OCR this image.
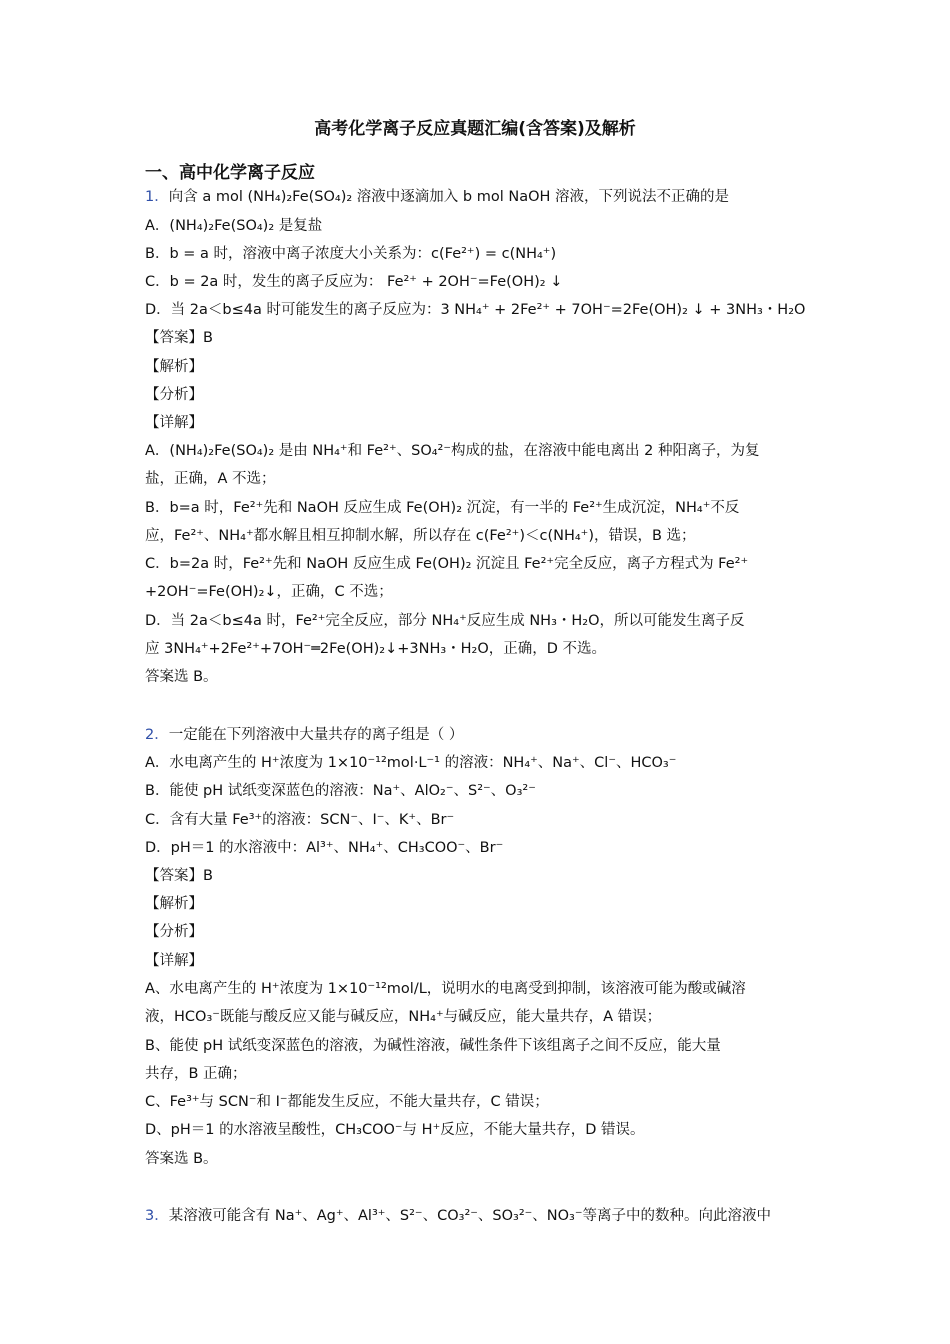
高考化学离子反应真题汇编(含答案)及解析
一、高中化学离子反应
1．向含 a mol (NH₄)₂Fe(SO₄)₂ 溶液中逐滴加入 b mol NaOH 溶液，下列说法不正确的是
A．(NH₄)₂Fe(SO₄)₂ 是复盐
B．b = a 时，溶液中离子浓度大小关系为：c(Fe²⁺) = c(NH₄⁺)
C．b = 2a 时，发生的离子反应为： Fe²⁺ + 2OH⁻=Fe(OH)₂ ↓
D．当 2a＜b≤4a 时可能发生的离子反应为：3 NH₄⁺ + 2Fe²⁺ + 7OH⁻=2Fe(OH)₂ ↓ + 3NH₃・H₂O
【答案】B
【解析】
【分析】
【详解】
A．(NH₄)₂Fe(SO₄)₂ 是由 NH₄⁺和 Fe²⁺、SO₄²⁻构成的盐，在溶液中能电离出 2 种阳离子，为复
盐，正确，A 不选；
B．b=a 时，Fe²⁺先和 NaOH 反应生成 Fe(OH)₂ 沉淀，有一半的 Fe²⁺生成沉淀，NH₄⁺不反
应，Fe²⁺、NH₄⁺都水解且相互抑制水解，所以存在 c(Fe²⁺)＜c(NH₄⁺)，错误，B 选；
C．b=2a 时，Fe²⁺先和 NaOH 反应生成 Fe(OH)₂ 沉淀且 Fe²⁺完全反应，离子方程式为 Fe²⁺
+2OH⁻=Fe(OH)₂↓，正确，C 不选；
D．当 2a＜b≤4a 时，Fe²⁺完全反应，部分 NH₄⁺反应生成 NH₃・H₂O，所以可能发生离子反
应 3NH₄⁺+2Fe²⁺+7OH⁻═2Fe(OH)₂↓+3NH₃・H₂O，正确，D 不选。
答案选 B。
2．一定能在下列溶液中大量共存的离子组是（ ）
A．水电离产生的 H⁺浓度为 1×10⁻¹²mol·L⁻¹ 的溶液：NH₄⁺、Na⁺、Cl⁻、HCO₃⁻
B．能使 pH 试纸变深蓝色的溶液：Na⁺、AlO₂⁻、S²⁻、O₃²⁻
C．含有大量 Fe³⁺的溶液：SCN⁻、I⁻、K⁺、Br⁻
D．pH＝1 的水溶液中：Al³⁺、NH₄⁺、CH₃COO⁻、Br⁻
【答案】B
【解析】
【分析】
【详解】
A、水电离产生的 H⁺浓度为 1×10⁻¹²mol/L，说明水的电离受到抑制，该溶液可能为酸或碱溶
液，HCO₃⁻既能与酸反应又能与碱反应，NH₄⁺与碱反应，能大量共存，A 错误；
B、能使 pH 试纸变深蓝色的溶液，为碱性溶液，碱性条件下该组离子之间不反应，能大量
共存，B 正确；
C、Fe³⁺与 SCN⁻和 I⁻都能发生反应，不能大量共存，C 错误；
D、pH＝1 的水溶液呈酸性，CH₃COO⁻与 H⁺反应，不能大量共存，D 错误。
答案选 B。
3．某溶液可能含有 Na⁺、Ag⁺、Al³⁺、S²⁻、CO₃²⁻、SO₃²⁻、NO₃⁻等离子中的数种。向此溶液中
